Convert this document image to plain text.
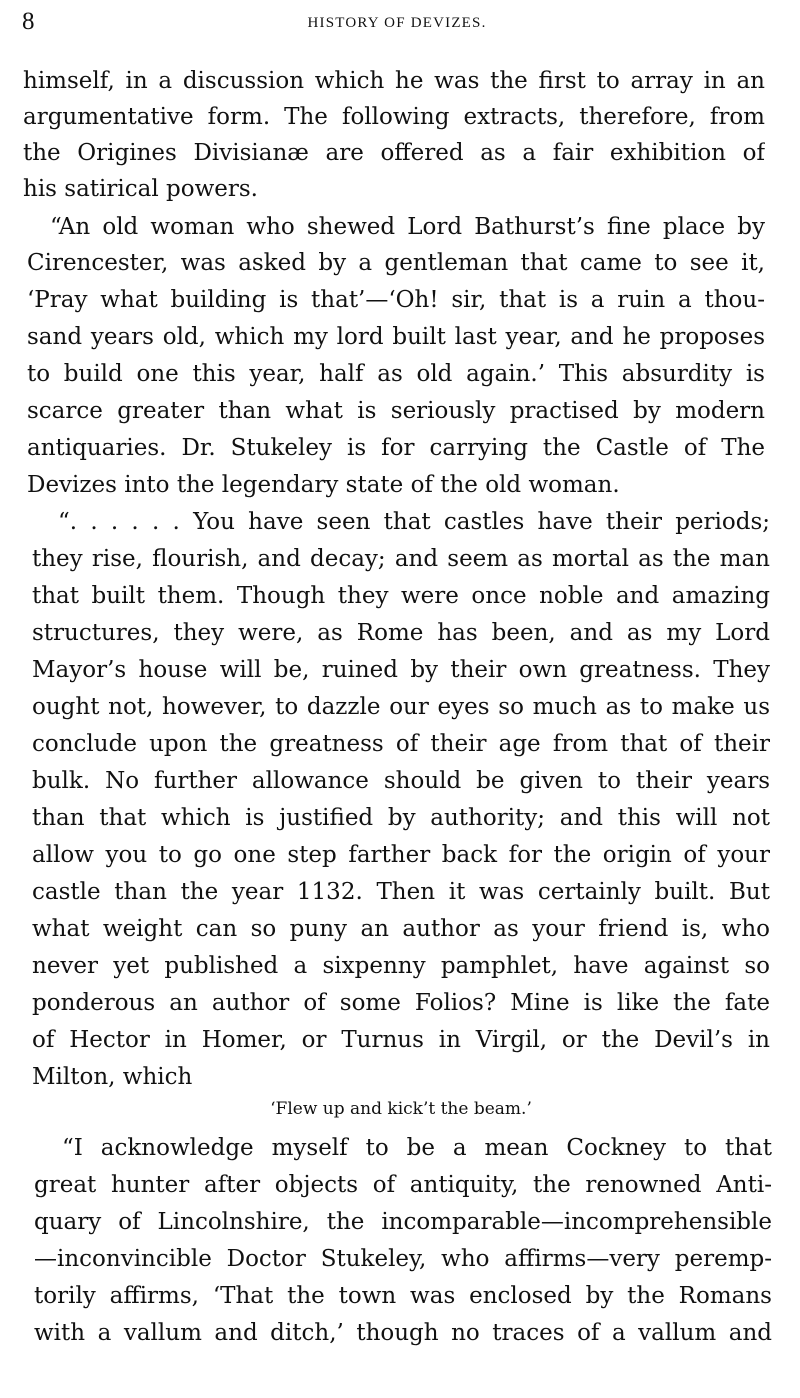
8	HISTORY OF DEVIZES.
himself, in a discussion which he was the first to array in an
argumentative form. The following extracts, therefore, from
the Origines Divisianæ are offered as a fair exhibition of
his satirical powers.
“An old woman who shewed Lord Bathurst’s fine place by
Cirencester, was asked by a gentleman that came to see it,
‘Pray what building is that’—‘Oh! sir, that is a ruin a thou-
sand years old, which my lord built last year, and he proposes
to build one this year, half as old again.’ This absurdity is
scarce greater than what is seriously practised by modern
antiquaries. Dr. Stukeley is for carrying the Castle of The
Devizes into the legendary state of the old woman.
“. . . . . . You have seen that castles have their periods;
they rise, flourish, and decay; and seem as mortal as the man
that built them. Though they were once noble and amazing
structures, they were, as Rome has been, and as my Lord
Mayor’s house will be, ruined by their own greatness. They
ought not, however, to dazzle our eyes so much as to make us
conclude upon the greatness of their age from that of their
bulk. No further allowance should be given to their years
than that which is justified by authority; and this will not
allow you to go one step farther back for the origin of your
castle than the year 1132. Then it was certainly built. But
what weight can so puny an author as your friend is, who
never yet published a sixpenny pamphlet, have against so
ponderous an author of some Folios? Mine is like the fate
of Hector in Homer, or Turnus in Virgil, or the Devil’s in
Milton, which
‘Flew up and kick’t the beam.’
“I acknowledge myself to be a mean Cockney to that
great hunter after objects of antiquity, the renowned Anti-
quary of Lincolnshire, the incomparable—incomprehensible
—inconvincible Doctor Stukeley, who affirms—very peremp-
torily affirms, ‘That the town was enclosed by the Romans
with a vallum and ditch,’ though no traces of a vallum and
